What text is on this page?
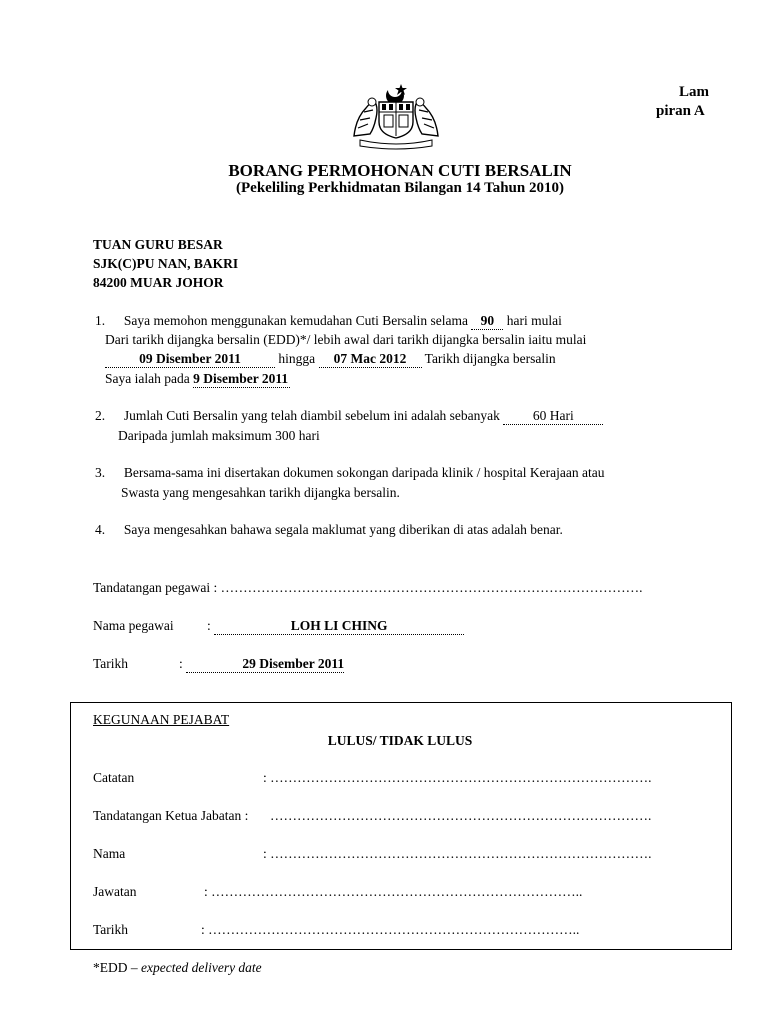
Lam
piran A
BORANG PERMOHONAN CUTI BERSALIN
(Pekeliling Perkhidmatan Bilangan 14 Tahun 2010)
TUAN GURU BESAR
SJK(C)PU NAN, BAKRI
84200 MUAR JOHOR
1. Saya memohon menggunakan kemudahan Cuti Bersalin selama 90 hari mulai
Dari tarikh dijangka bersalin (EDD)*/ lebih awal dari tarikh dijangka bersalin iaitu mulai
09 Disember 2011	hingga 07 Mac 2012 Tarikh dijangka bersalin
Saya ialah pada 9 Disember 2011
2. Jumlah Cuti Bersalin yang telah diambil sebelum ini adalah sebanyak 60 Hari
Daripada jumlah maksimum 300 hari
3. Bersama-sama ini disertakan dokumen sokongan daripada klinik / hospital Kerajaan atau
Swasta yang mengesahkan tarikh dijangka bersalin.
4. Saya mengesahkan bahawa segala maklumat yang diberikan di atas adalah benar.
Tandatangan pegawai : ………………………………………………………………………………….
Nama pegawai :	LOH LI CHING
Tarikh	:	29 Disember 2011
KEGUNAAN PEJABAT
LULUS/ TIDAK LULUS
Catatan	: ………………………………………………………………………….
Tandatangan Ketua Jabatan : ………………………………………………………………………….
Nama	: ………………………………………………………………………….
Jawatan	: ………………………………………………………………………..
Tarikh	: ………………………………………………………………………..
*EDD – expected delivery date
